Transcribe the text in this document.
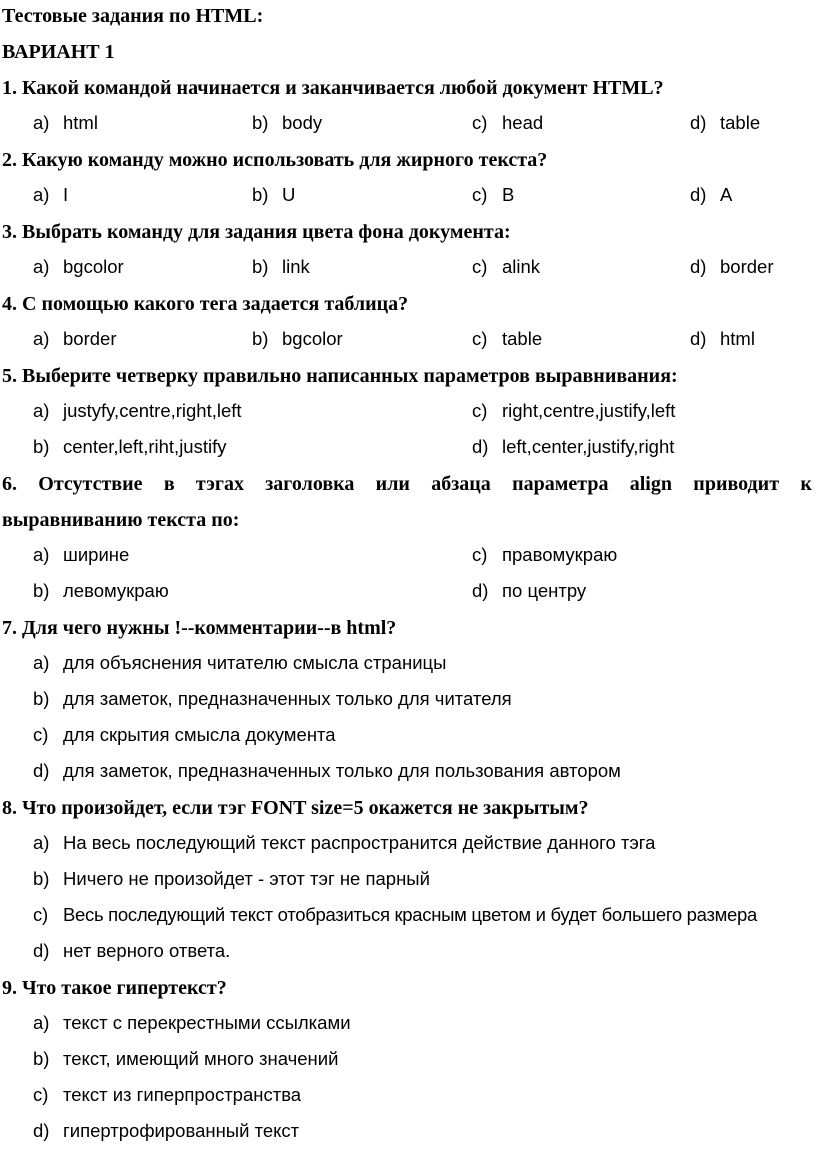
Тестовые задания по HTML:
ВАРИАНТ 1
1. Какой командой начинается и заканчивается любой документ HTML?
a) html	b) body	c) head	d) table
2. Какую команду можно использовать для жирного текста?
a) I	b) U	c) B	d) A
3. Выбрать команду для задания цвета фона документа:
a) bgcolor	b) link	c) alink	d) border
4. С помощью какого тега задается таблица?
a) border	b) bgcolor	c) table	d) html
5. Выберите четверку правильно написанных параметров выравнивания:
a) justyfy,centre,right,left	c) right,centre,justify,left
b) center,left,riht,justify	d) left,center,justify,right
6. Отсутствие в тэгах заголовка или абзаца параметра align приводит к
выравниванию текста по:
a) ширине	c) правомукраю
b) левомукраю	d) по центру
7. Для чего нужны !--комментарии--в html?
a) для объяснения читателю смысла страницы
b) для заметок, предназначенных только для читателя
c) для скрытия смысла документа
d) для заметок, предназначенных только для пользования автором
8. Что произойдет, если тэг FONT size=5 окажется не закрытым?
a) На весь последующий текст распространится действие данного тэга
b) Ничего не произойдет - этот тэг не парный
c) Весь последующий текст отобразиться красным цветом и будет большего размера
d) нет верного ответа.
9. Что такое гипертекст?
a) текст с перекрестными ссылками
b) текст, имеющий много значений
c) текст из гиперпространства
d) гипертрофированный текст
